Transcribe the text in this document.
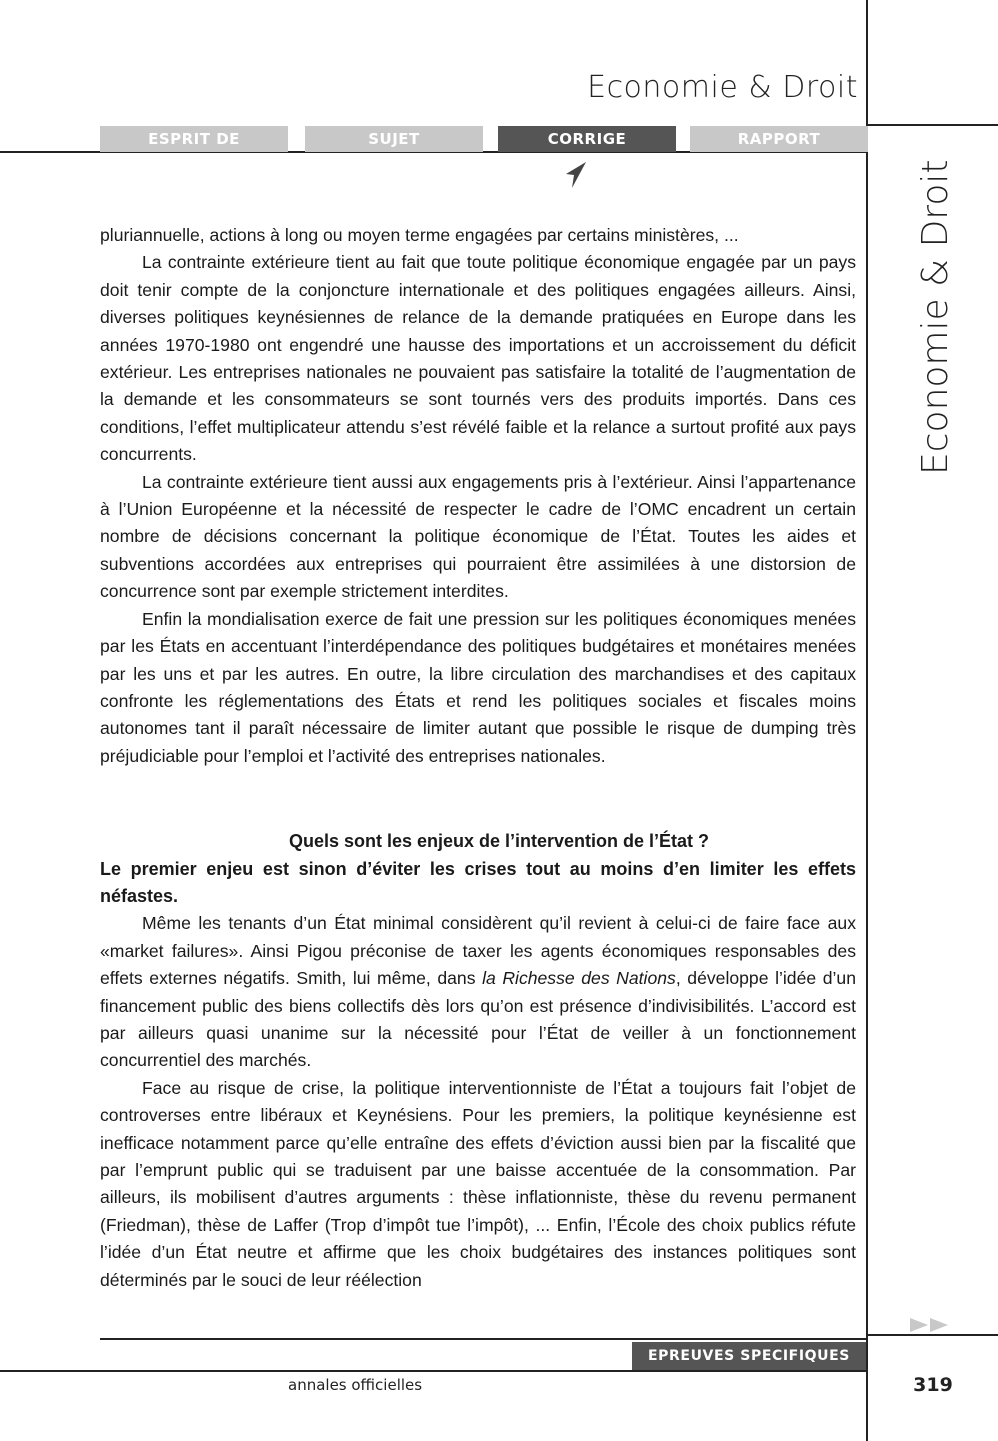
Economie & Droit
ESPRIT DE L’EPREUVE
SUJET	CORRIGE	RAPPORT
Economie & Droit

pluriannuelle, actions à long ou moyen terme engagées par certains ministères, ...

La contrainte extérieure tient au fait que toute politique économique engagée par un pays doit tenir compte de la conjoncture internationale et des politiques engagées ailleurs. Ainsi, diverses politiques keynésiennes de relance de la demande pratiquées en Europe dans les années 1970-1980 ont engendré une hausse des importations et un accroissement du déficit extérieur. Les entreprises nationales ne pouvaient pas satisfaire la totalité de l’augmentation de la demande et les consommateurs se sont tournés vers des produits importés. Dans ces conditions, l’effet multiplicateur attendu s’est révélé faible et la relance a surtout profité aux pays concurrents.

La contrainte extérieure tient aussi aux engagements pris à l’extérieur. Ainsi l’appartenance à l’Union Européenne et la nécessité de respecter le cadre de l’OMC encadrent un certain nombre de décisions concernant la politique économique de l’État. Toutes les aides et subventions accordées aux entreprises qui pourraient être assimilées à une distorsion de concurrence sont par exemple strictement interdites.

Enfin la mondialisation exerce de fait une pression sur les politiques économiques menées par les États en accentuant l’interdépendance des politiques budgétaires et monétaires menées par les uns et par les autres. En outre, la libre circulation des marchandises et des capitaux confronte les réglementations des États et rend les politiques sociales et fiscales moins autonomes tant il paraît nécessaire de limiter autant que possible le risque de dumping très préjudiciable pour l’emploi et l’activité des entreprises nationales.

Quels sont les enjeux de l’intervention de l’État ?

Le premier enjeu est sinon d’éviter les crises tout au moins d’en limiter les effets néfastes.

Même les tenants d’un État minimal considèrent qu’il revient à celui-ci de faire face aux «market failures». Ainsi Pigou préconise de taxer les agents économiques responsables des effets externes négatifs. Smith, lui même, dans la Richesse des Nations, développe l’idée d’un financement public des biens collectifs dès lors qu’on est présence d’indivisibilités. L’accord est par ailleurs quasi unanime sur la nécessité pour l’État de veiller à un fonctionnement concurrentiel des marchés.

Face au risque de crise, la politique interventionniste de l’État a toujours fait l’objet de controverses entre libéraux et Keynésiens. Pour les premiers, la politique keynésienne est inefficace notamment parce qu’elle entraîne des effets d’éviction aussi bien par la fiscalité que par l’emprunt public qui se traduisent par une baisse accentuée de la consommation. Par ailleurs, ils mobilisent d’autres arguments : thèse inflationniste, thèse du revenu permanent (Friedman), thèse de Laffer (Trop d’impôt tue l’impôt), ... Enfin, l’École des choix publics réfute l’idée d’un État neutre et affirme que les choix budgétaires des instances politiques sont déterminés par le souci de leur réélection

EPREUVES SPECIFIQUES
annales officielles	319
